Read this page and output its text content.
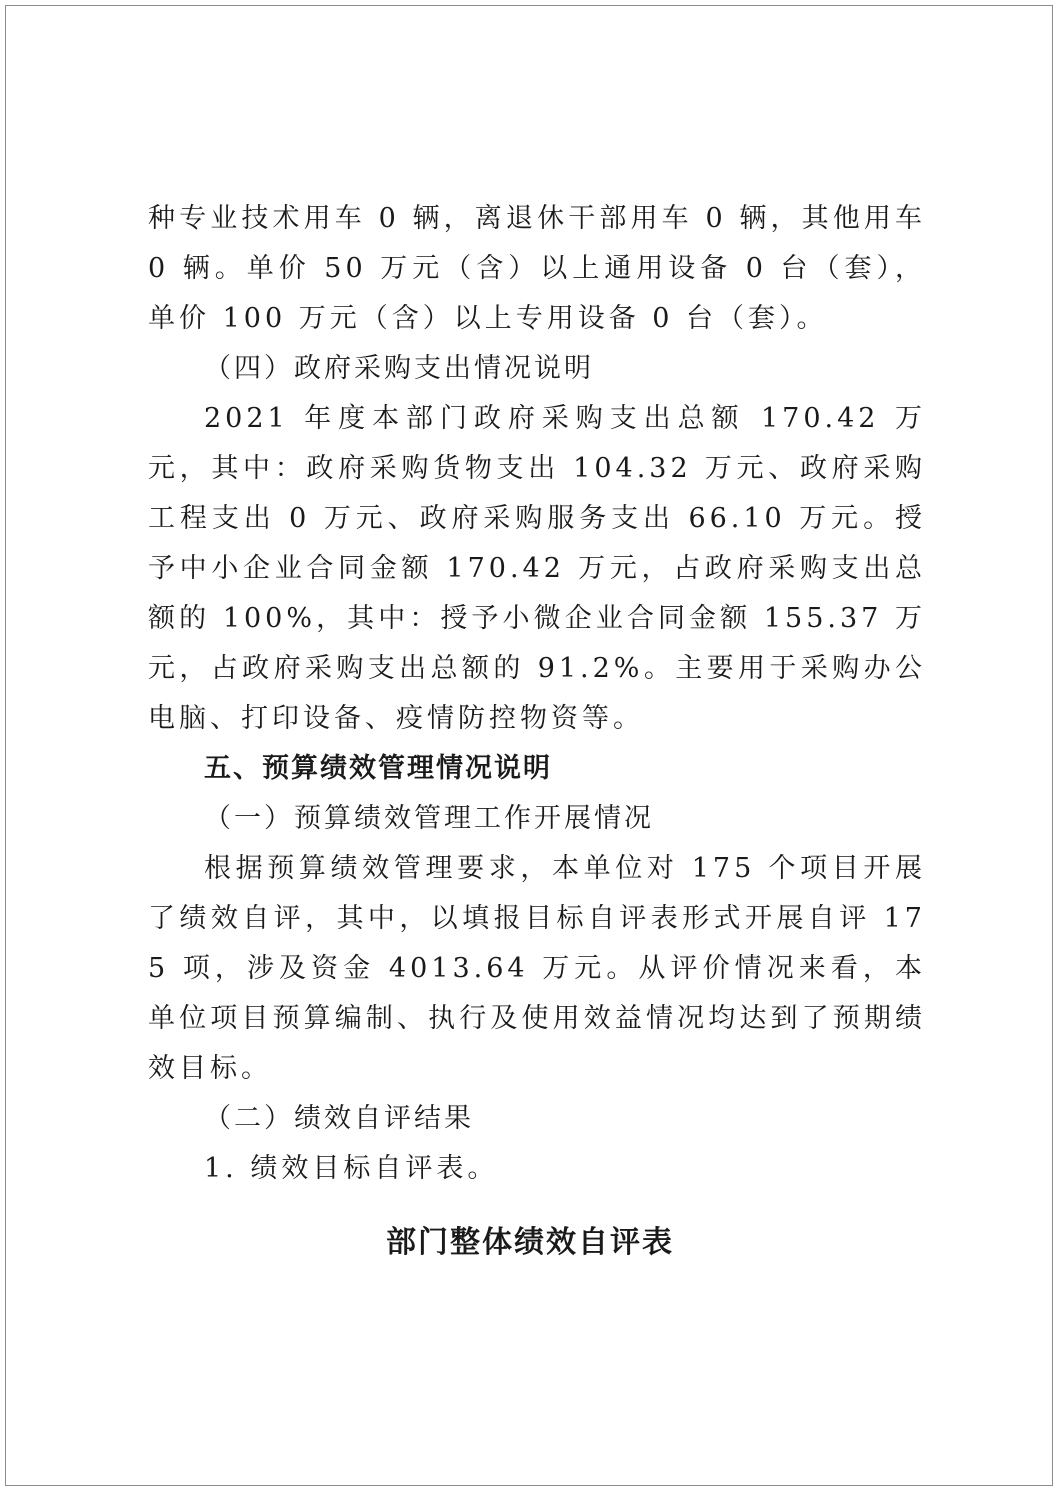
种专业技术用车 0 辆，离退休干部用车 0 辆，其他用车 0 辆。单价 50 万元（含）以上通用设备 0 台（套），单价 100 万元（含）以上专用设备 0 台（套）。

（四）政府采购支出情况说明

2021 年度本部门政府采购支出总额 170.42 万元，其中：政府采购货物支出 104.32 万元、政府采购工程支出 0 万元、政府采购服务支出 66.10 万元。授予中小企业合同金额 170.42 万元，占政府采购支出总额的 100%，其中：授予小微企业合同金额 155.37 万元，占政府采购支出总额的 91.2%。主要用于采购办公电脑、打印设备、疫情防控物资等。

五、预算绩效管理情况说明

（一）预算绩效管理工作开展情况

根据预算绩效管理要求，本单位对 175 个项目开展了绩效自评，其中，以填报目标自评表形式开展自评 175 项，涉及资金 4013.64 万元。从评价情况来看，本单位项目预算编制、执行及使用效益情况均达到了预期绩效目标。

（二）绩效自评结果

1. 绩效目标自评表。

部门整体绩效自评表
